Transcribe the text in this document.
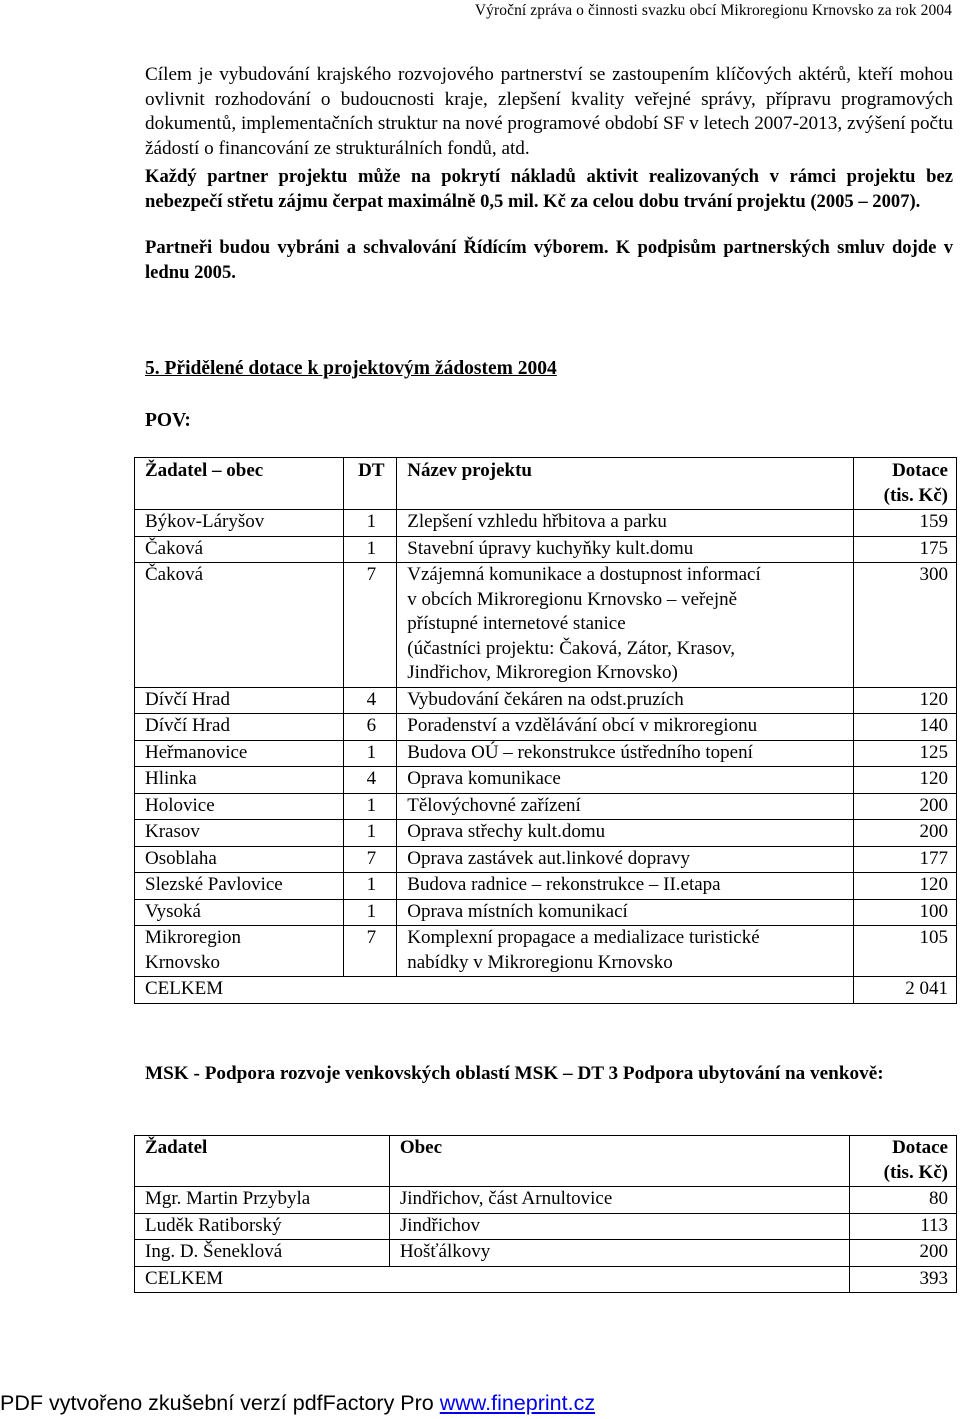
Výroční zpráva o činnosti svazku obcí Mikroregionu Krnovsko za rok 2004

Cílem je vybudování krajského rozvojového partnerství se zastoupením klíčových aktérů, kteří mohou ovlivnit rozhodování o budoucnosti kraje, zlepšení kvality veřejné správy, přípravu programových dokumentů, implementačních struktur na nové programové období SF v letech 2007-2013, zvýšení počtu žádostí o financování ze strukturálních fondů, atd.

Každý partner projektu může na pokrytí nákladů aktivit realizovaných v rámci projektu bez nebezpečí střetu zájmu čerpat maximálně 0,5 mil. Kč za celou dobu trvání projektu (2005 – 2007).

Partneři budou vybráni a schvalování Řídícím výborem. K podpisům partnerských smluv dojde v lednu 2005.

5. Přidělené dotace k projektovým žádostem 2004
POV:
Žadatel – obec	DT	Název projektu	Dotace
(tis. Kč)
Býkov-Láryšov	1	Zlepšení vzhledu hřbitova a parku	159
Čaková	1	Stavební úpravy kuchyňky kult.domu	175
Čaková	7	Vzájemná komunikace a dostupnost informací
v obcích Mikroregionu Krnovsko – veřejně
přístupné internetové stanice
(účastníci projektu: Čaková, Zátor, Krasov,
Jindřichov, Mikroregion Krnovsko)	300
Dívčí Hrad	4	Vybudování čekáren na odst.pruzích	120
Dívčí Hrad	6	Poradenství a vzdělávání obcí v mikroregionu	140
Heřmanovice	1	Budova OÚ – rekonstrukce ústředního topení	125
Hlinka	4	Oprava komunikace	120
Holovice	1	Tělovýchovné zařízení	200
Krasov	1	Oprava střechy kult.domu	200
Osoblaha	7	Oprava zastávek aut.linkové dopravy	177
Slezské Pavlovice	1	Budova radnice – rekonstrukce – II.etapa	120
Vysoká	1	Oprava místních komunikací	100
Mikroregion
Krnovsko	7	Komplexní propagace a medializace turistické
nabídky v Mikroregionu Krnovsko	105
CELKEM			2 041
MSK - Podpora rozvoje venkovských oblastí MSK – DT 3 Podpora ubytování na venkově:
Žadatel	Obec	Dotace
(tis. Kč)
Mgr. Martin Przybyla	Jindřichov, část Arnultovice	80
Luděk Ratiborský	Jindřichov	113
Ing. D. Šeneklová	Hošťálkovy	200
CELKEM		393
PDF vytvořeno zkušební verzí pdfFactory Pro www.fineprint.cz
